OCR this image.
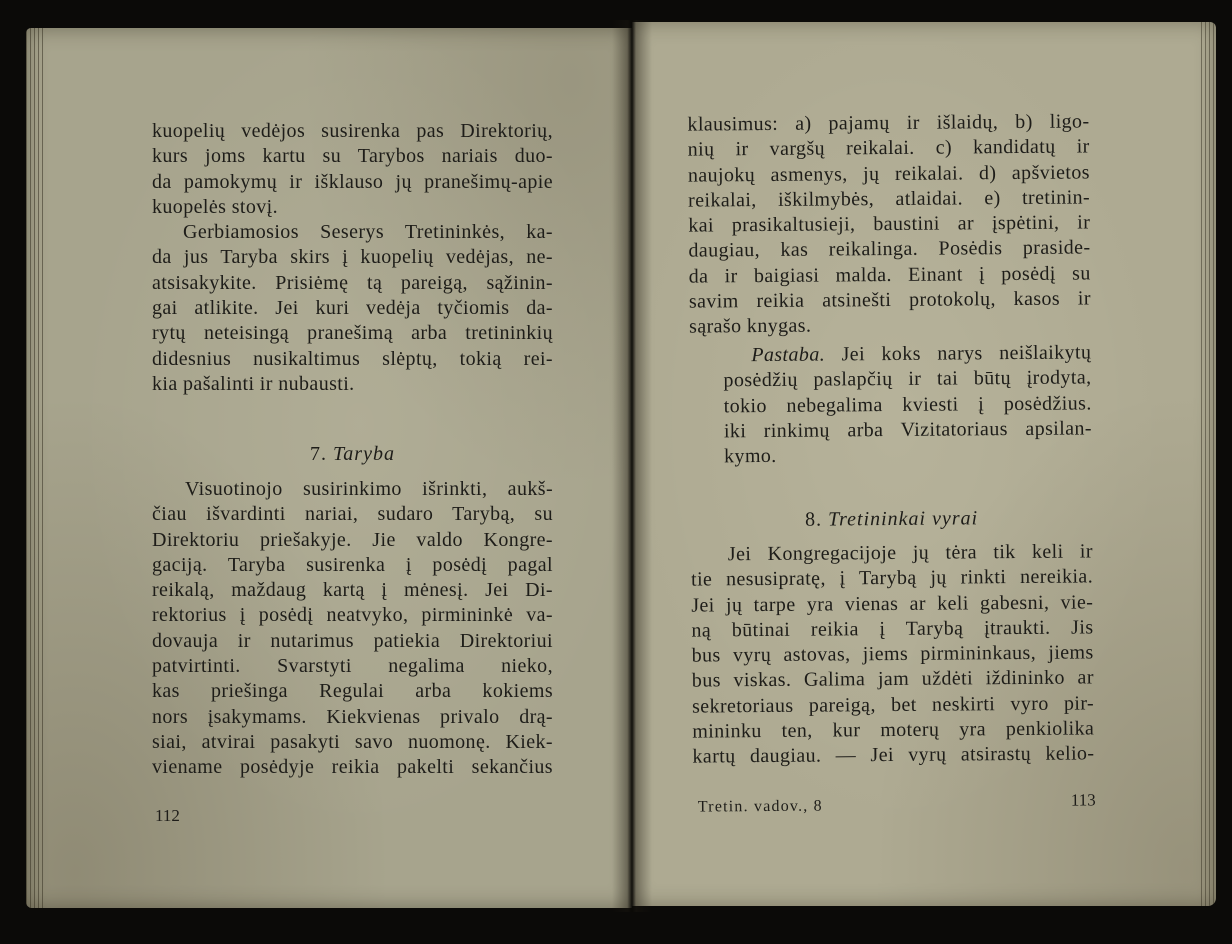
kuopelių vedėjos susirenka pas Direktorių,
kurs joms kartu su Tarybos nariais duo-
da pamokymų ir išklauso jų pranešimų-apie
kuopelės stovį.
Gerbiamosios Seserys Tretininkės, ka-
da jus Taryba skirs į kuopelių vedėjas, ne-
atsisakykite. Prisiėmę tą pareigą, sąžinin-
gai atlikite. Jei kuri vedėja tyčiomis da-
rytų neteisingą pranešimą arba tretininkių
didesnius nusikaltimus slėptų, tokią rei-
kia pašalinti ir nubausti.
7. Taryba
Visuotinojo susirinkimo išrinkti, aukš-
čiau išvardinti nariai, sudaro Tarybą, su
Direktoriu priešakyje. Jie valdo Kongre-
gaciją. Taryba susirenka į posėdį pagal
reikalą, maždaug kartą į mėnesį. Jei Di-
rektorius į posėdį neatvyko, pirmininkė va-
dovauja ir nutarimus patiekia Direktoriui
patvirtinti. Svarstyti negalima nieko,
kas priešinga Regulai arba kokiems
nors įsakymams. Kiekvienas privalo drą-
siai, atvirai pasakyti savo nuomonę. Kiek-
viename posėdyje reikia pakelti sekančius
112
klausimus: a) pajamų ir išlaidų, b) ligo-
nių ir vargšų reikalai. c) kandidatų ir
naujokų asmenys, jų reikalai. d) apšvietos
reikalai, iškilmybės, atlaidai. e) tretinin-
kai prasikaltusieji, baustini ar įspėtini, ir
daugiau, kas reikalinga. Posėdis praside-
da ir baigiasi malda. Einant į posėdį su
savim reikia atsinešti protokolų, kasos ir
sąrašo knygas.
Pastaba. Jei koks narys neišlaikytų
posėdžių paslapčių ir tai būtų įrodyta,
tokio nebegalima kviesti į posėdžius.
iki rinkimų arba Vizitatoriaus apsilan-
kymo.
8. Tretininkai vyrai
Jei Kongregacijoje jų tėra tik keli ir
tie nesusipratę, į Tarybą jų rinkti nereikia.
Jei jų tarpe yra vienas ar keli gabesni, vie-
ną būtinai reikia į Tarybą įtraukti. Jis
bus vyrų astovas, jiems pirmininkaus, jiems
bus viskas. Galima jam uždėti iždininko ar
sekretoriaus pareigą, bet neskirti vyro pir-
mininku ten, kur moterų yra penkiolika
kartų daugiau. — Jei vyrų atsirastų kelio-
Tretin. vadov., 8	113
